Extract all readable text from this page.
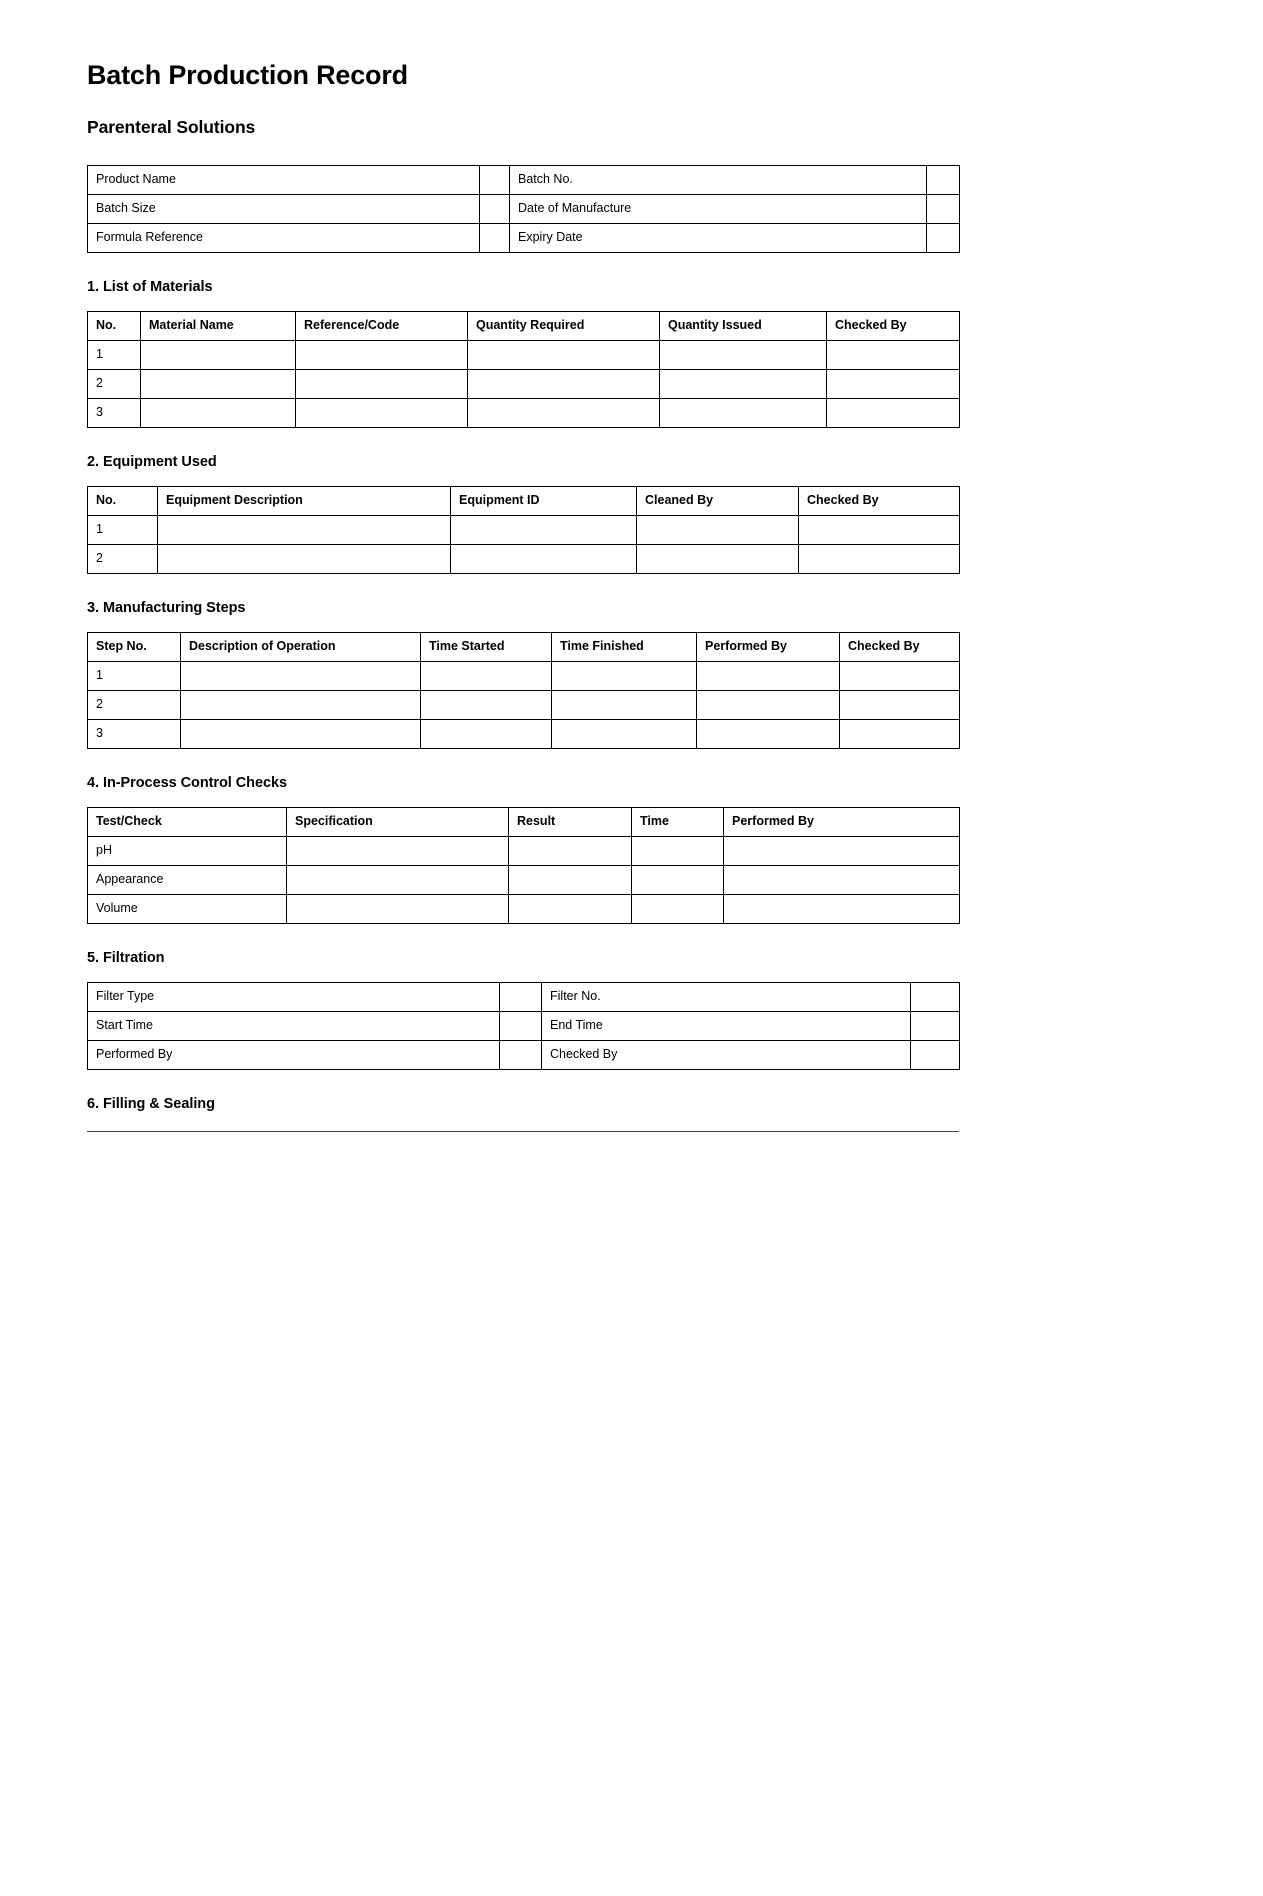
Batch Production Record
Parenteral Solutions
Product Name		Batch No.	
Batch Size		Date of Manufacture	
Formula Reference		Expiry Date	
1. List of Materials
No.	Material Name	Reference/Code	Quantity Required	Quantity Issued	Checked By
1					
2					
3					
2. Equipment Used
No.	Equipment Description	Equipment ID	Cleaned By	Checked By
1				
2				
3. Manufacturing Steps
Step No.	Description of Operation	Time Started	Time Finished	Performed By	Checked By
1					
2					
3					
4. In-Process Control Checks
Test/Check	Specification	Result	Time	Performed By
pH				
Appearance				
Volume				
5. Filtration
Filter Type		Filter No.	
Start Time		End Time	
Performed By		Checked By	
6. Filling & Sealing
